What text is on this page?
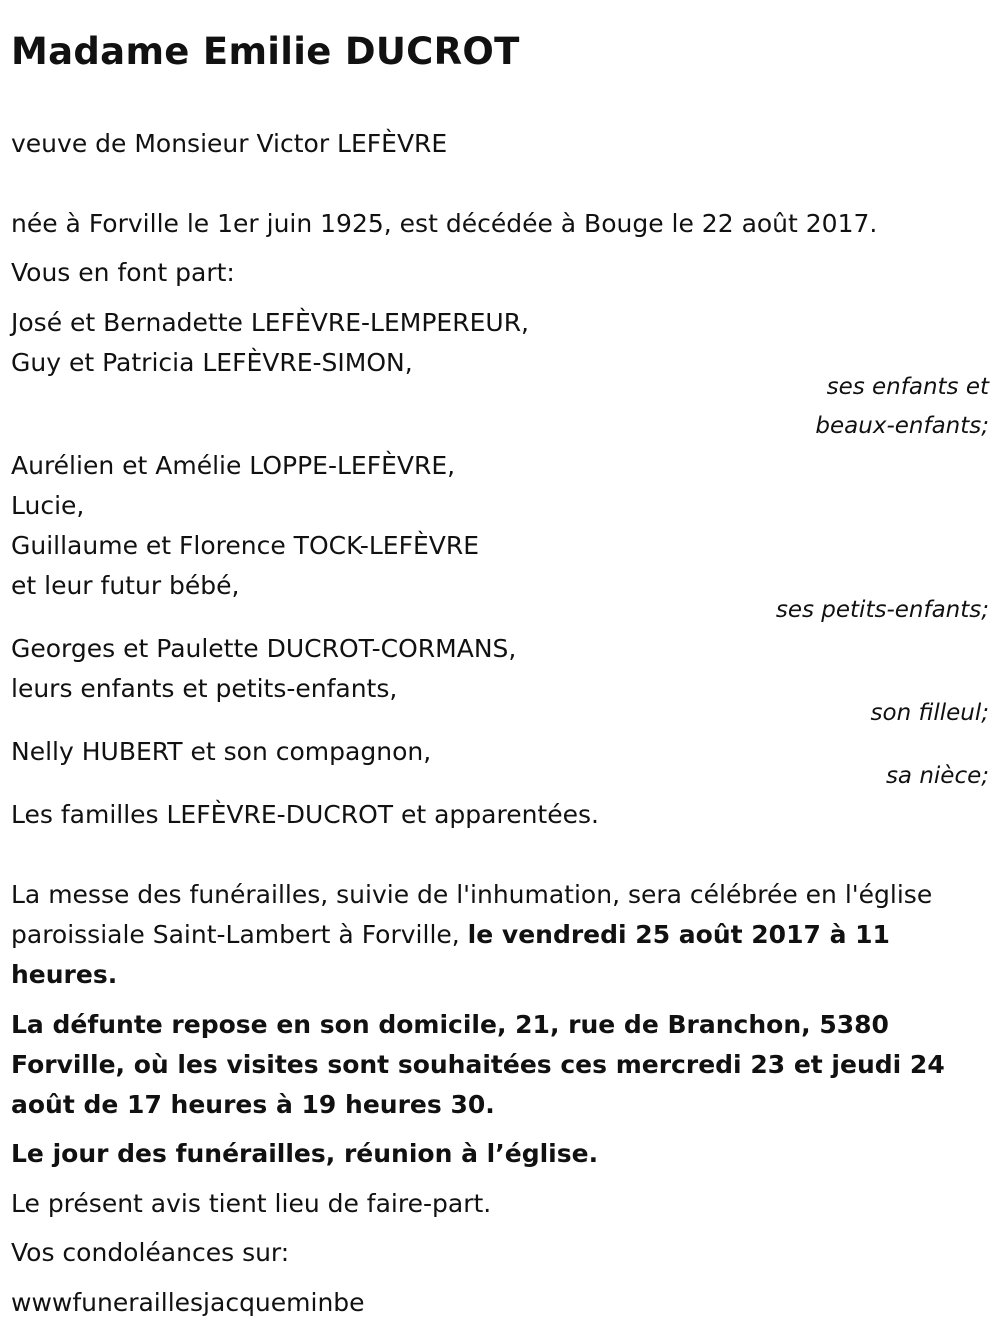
Madame Emilie DUCROT
veuve de Monsieur Victor LEFÈVRE
née à Forville le 1er juin 1925, est décédée à Bouge le 22 août 2017.
Vous en font part:
José et Bernadette LEFÈVRE-LEMPEREUR,
Guy et Patricia LEFÈVRE-SIMON,
ses enfants et
beaux-enfants;
Aurélien et Amélie LOPPE-LEFÈVRE,
Lucie,
Guillaume et Florence TOCK-LEFÈVRE
et leur futur bébé,
ses petits-enfants;
Georges et Paulette DUCROT-CORMANS,
leurs enfants et petits-enfants,
son filleul;
Nelly HUBERT et son compagnon,
sa nièce;
Les familles LEFÈVRE-DUCROT et apparentées.
La messe des funérailles, suivie de l'inhumation, sera célébrée en l'église paroissiale Saint-Lambert à Forville, le vendredi 25 août 2017 à 11 heures.
La défunte repose en son domicile, 21, rue de Branchon, 5380 Forville, où les visites sont souhaitées ces mercredi 23 et jeudi 24 août de 17 heures à 19 heures 30.
Le jour des funérailles, réunion à l’église.
Le présent avis tient lieu de faire-part.
Vos condoléances sur:
wwwfuneraillesjacqueminbe
